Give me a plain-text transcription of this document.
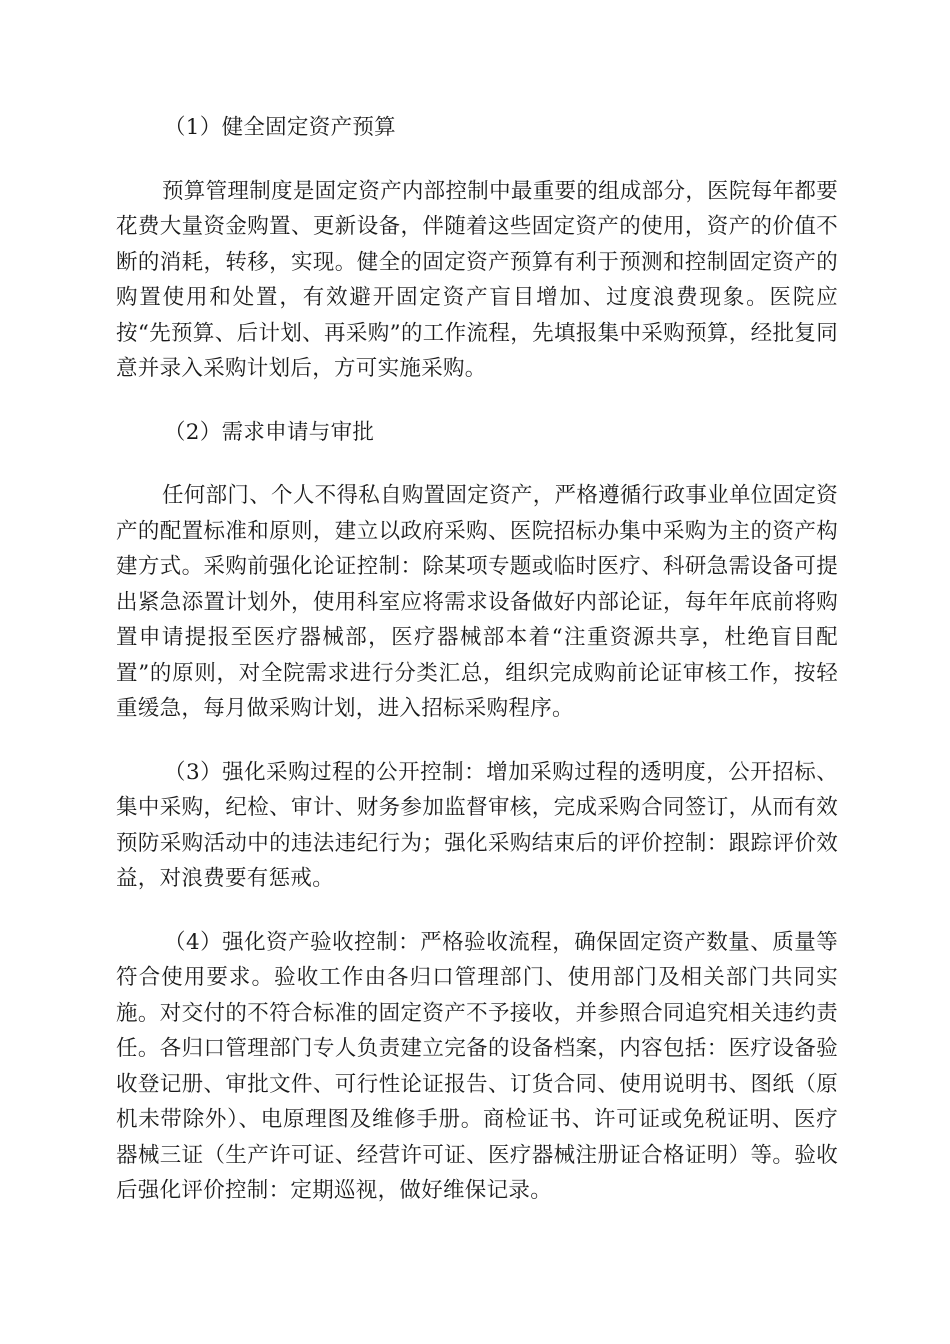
（1）健全固定资产预算

预算管理制度是固定资产内部控制中最重要的组成部分，医院每年都要花费大量资金购置、更新设备，伴随着这些固定资产的使用，资产的价值不断的消耗，转移，实现。健全的固定资产预算有利于预测和控制固定资产的购置使用和处置，有效避开固定资产盲目增加、过度浪费现象。医院应按“先预算、后计划、再采购”的工作流程，先填报集中采购预算，经批复同意并录入采购计划后，方可实施采购。

（2）需求申请与审批

任何部门、个人不得私自购置固定资产，严格遵循行政事业单位固定资产的配置标准和原则，建立以政府采购、医院招标办集中采购为主的资产构建方式。采购前强化论证控制：除某项专题或临时医疗、科研急需设备可提出紧急添置计划外，使用科室应将需求设备做好内部论证，每年年底前将购置申请提报至医疗器械部，医疗器械部本着“注重资源共享，杜绝盲目配置”的原则，对全院需求进行分类汇总，组织完成购前论证审核工作，按轻重缓急，每月做采购计划，进入招标采购程序。

（3）强化采购过程的公开控制：增加采购过程的透明度，公开招标、集中采购，纪检、审计、财务参加监督审核，完成采购合同签订，从而有效预防采购活动中的违法违纪行为；强化采购结束后的评价控制：跟踪评价效益，对浪费要有惩戒。

（4）强化资产验收控制：严格验收流程，确保固定资产数量、质量等符合使用要求。验收工作由各归口管理部门、使用部门及相关部门共同实施。对交付的不符合标准的固定资产不予接收，并参照合同追究相关违约责任。各归口管理部门专人负责建立完备的设备档案，内容包括：医疗设备验收登记册、审批文件、可行性论证报告、订货合同、使用说明书、图纸（原机未带除外）、电原理图及维修手册。商检证书、许可证或免税证明、医疗器械三证（生产许可证、经营许可证、医疗器械注册证合格证明）等。验收后强化评价控制：定期巡视，做好维保记录。
